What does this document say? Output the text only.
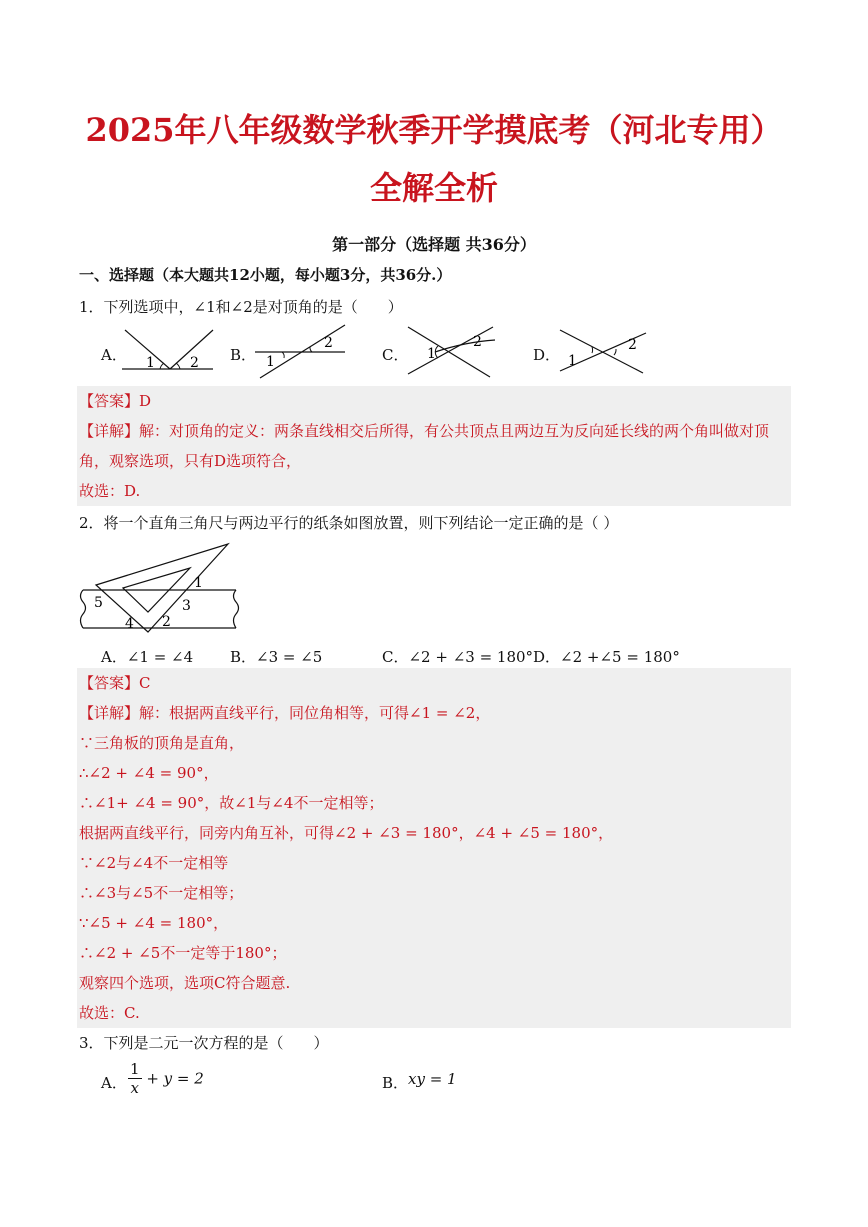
2025年八年级数学秋季开学摸底考（河北专用）
全解全析
第一部分（选择题 共36分）
一、选择题（本大题共12小题，每小题3分，共36分.）
1．下列选项中，∠1和∠2是对顶角的是（　　）
A． 1	2 B． 1
2
C． 1
2
D． 1
2
【答案】D
【详解】解：对顶角的定义：两条直线相交后所得，有公共顶点且两边互为反向延长线的两个角叫做对顶
角，观察选项，只有D选项符合，
故选：D.
2．将一个直角三角尺与两边平行的纸条如图放置，则下列结论一定正确的是（ ）
1
3
5
4 2
A．∠1 = ∠4 B．∠3 = ∠5	C．∠2 + ∠3 = 180° D．∠2 +∠5 = 180°
【答案】C
【详解】解：根据两直线平行，同位角相等，可得∠1 = ∠2，
∵三角板的顶角是直角，
∴∠2 + ∠4 = 90°，
∴∠1+ ∠4 = 90°，故∠1与∠4不一定相等；
根据两直线平行，同旁内角互补，可得∠2 + ∠3 = 180°，∠4 + ∠5 = 180°，
∵∠2与∠4不一定相等
∴∠3与∠5不一定相等；
∵∠5 + ∠4 = 180°，
∴∠2 + ∠5不一定等于180°；
观察四个选项，选项C符合题意.
故选：C.
3．下列是二元一次方程的是（　　）
A． $\frac{1}{x} + y = 2$	B． xy = 1
